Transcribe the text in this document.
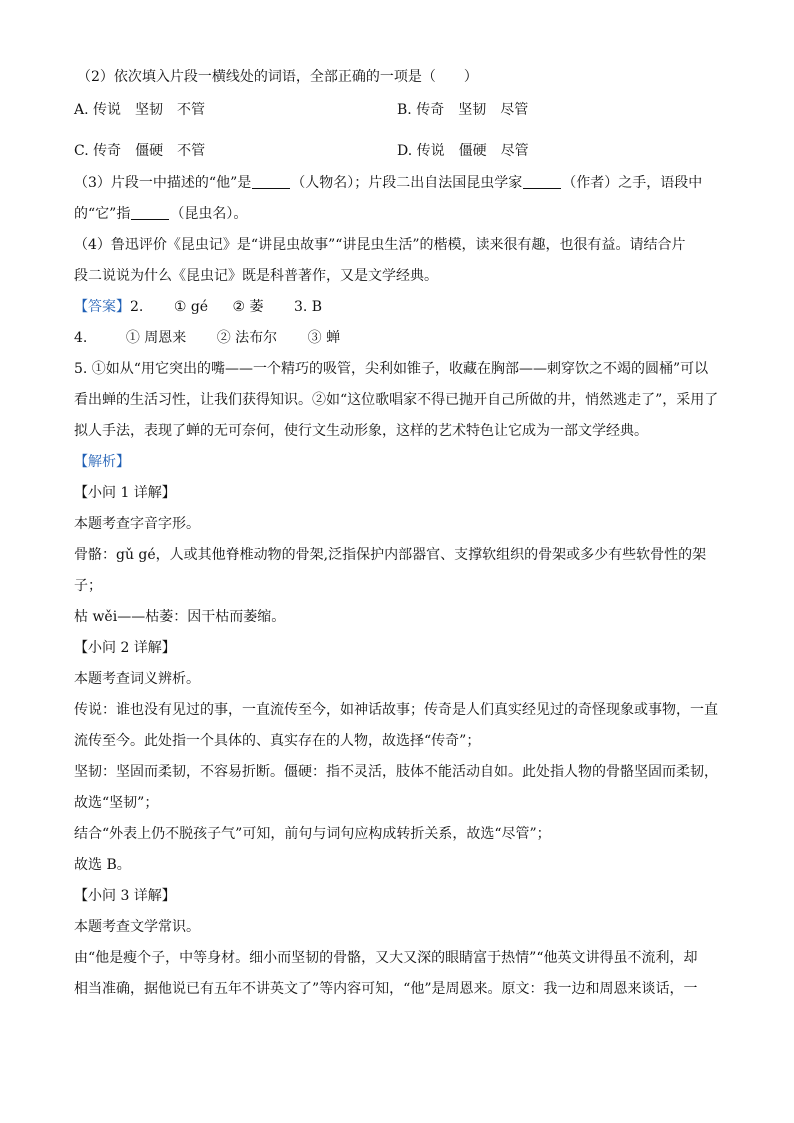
（2）依次填入片段一横线处的词语，全部正确的一项是（　　）
A. 传说　坚韧　不管	B. 传奇　坚韧　尽管
C. 传奇　僵硬　不管	D. 传说　僵硬　尽管
（3）片段一中描述的“他”是	（人物名）；片段二出自法国昆虫学家	（作者）之手，语段中
的“它”指	（昆虫名）。
（4）鲁迅评价《昆虫记》是“讲昆虫故事”“讲昆虫生活”的楷模，读来很有趣，也很有益。请结合片
段二说说为什么《昆虫记》既是科普著作，又是文学经典。
【答案】2. ① gé ② 萎 3. B
4.	① 周恩来 ② 法布尔 ③ 蝉
5. ①如从“用它突出的嘴——一个精巧的吸管，尖利如锥子，收藏在胸部——刺穿饮之不竭的圆桶”可以
看出蝉的生活习性，让我们获得知识。②如“这位歌唱家不得已抛开自己所做的井，悄然逃走了”，采用了
拟人手法，表现了蝉的无可奈何，使行文生动形象，这样的艺术特色让它成为一部文学经典。
【解析】
【小问 1 详解】
本题考查字音字形。
骨骼：gǔ gé，人或其他脊椎动物的骨架,泛指保护内部器官、支撑软组织的骨架或多少有些软骨性的架
子；
枯 wěi——枯萎：因干枯而萎缩。
【小问 2 详解】
本题考查词义辨析。
传说：谁也没有见过的事，一直流传至今，如神话故事；传奇是人们真实经见过的奇怪现象或事物，一直
流传至今。此处指一个具体的、真实存在的人物，故选择“传奇”；
坚韧：坚固而柔韧，不容易折断。僵硬：指不灵活，肢体不能活动自如。此处指人物的骨骼坚固而柔韧，
故选“坚韧”；
结合“外表上仍不脱孩子气”可知，前句与词句应构成转折关系，故选“尽管”；
故选 B。
【小问 3 详解】
本题考查文学常识。
由“他是瘦个子，中等身材。细小而坚韧的骨骼，又大又深的眼睛富于热情”“他英文讲得虽不流利，却
相当准确，据他说已有五年不讲英文了”等内容可知，“他”是周恩来。原文：我一边和周恩来谈话，一
